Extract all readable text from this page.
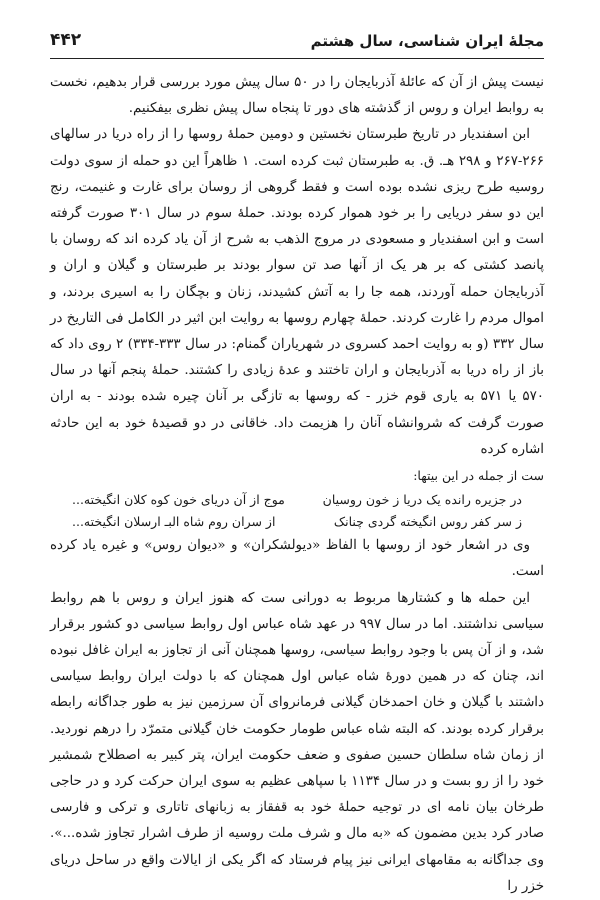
مجلۀ ایران شناسی، سال هشتم
۴۴۲

نیست پیش از آن که عائلۀ آذربایجان را در ۵۰ سال پیش مورد بررسی قرار بدهیم، نخست به روابط ایران و روس از گذشته های دور تا پنجاه سال پیش نظری بیفکنیم.

ابن اسفندیار در تاریخ طبرستان نخستین و دومین حملۀ روسها را از راه دریا در سالهای ۲۶۶-۲۶۷ و ۲۹۸ هـ. ق. به طبرستان ثبت کرده است. ۱ ظاهراً این دو حمله از سوی دولت روسیه طرح ریزی نشده بوده است و فقط گروهی از روسان برای غارت و غنیمت، رنج این دو سفر دریایی را بر خود هموار کرده بودند. حملۀ سوم در سال ۳۰۱ صورت گرفته است و ابن اسفندیار و مسعودی در مروج الذهب به شرح از آن یاد کرده اند که روسان با پانصد کشتی که بر هر یک از آنها صد تن سوار بودند بر طبرستان و گیلان و اران و آذربایجان حمله آوردند، همه جا را به آتش کشیدند، زنان و بچگان را به اسیری بردند، و اموال مردم را غارت کردند. حملۀ چهارم روسها به روایت ابن اثیر در الکامل فی التاریخ در سال ۳۳۲ (و به روایت احمد کسروی در شهریاران گمنام: در سال ۳۳۳-۳۳۴) ۲ روی داد که باز از راه دریا به آذربایجان و اران تاختند و عدۀ زیادی را کشتند. حملۀ پنجم آنها در سال ۵۷۰ یا ۵۷۱ به یاری قوم خزر - که روسها به تازگی بر آنان چیره شده بودند - به اران صورت گرفت که شروانشاه آنان را هزیمت داد. خاقانی در دو قصیدۀ خود به این حادثه اشاره کرده

ست از جمله در این بیتها:

در جزیره رانده یک دریا ز خون روسیان
موج از آن دریای خون کوه کلان انگیخته...
ز سر کفر روس انگیخته گردی چنانک
از سران روم شاه البـ ارسلان انگیخته...

وی در اشعار خود از روسها با الفاظ «دیولشکران» و «دیوان روس» و غیره یاد کرده است.

این حمله ها و کشتارها مربوط به دورانی ست که هنوز ایران و روس با هم روابط سیاسی نداشتند. اما در سال ۹۹۷ در عهد شاه عباس اول روابط سیاسی دو کشور برقرار شد، و از آن پس با وجود روابط سیاسی، روسها همچنان آنی از تجاوز به ایران غافل نبوده اند، چنان که در همین دورۀ شاه عباس اول همچنان که با دولت ایران روابط سیاسی داشتند با گیلان و خان احمدخان گیلانی فرمانروای آن سرزمین نیز به طور جداگانه رابطه برقرار کرده بودند. که البته شاه عباس طومار حکومت خان گیلانی متمرّد را درهم نوردید. از زمان شاه سلطان حسین صفوی و ضعف حکومت ایران، پتر کبیر به اصطلاح شمشیر خود را از رو بست و در سال ۱۱۳۴ با سپاهی عظیم به سوی ایران حرکت کرد و در حاجی طرخان بیان نامه ای در توجیه حملۀ خود به قفقاز به زبانهای تاتاری و ترکی و فارسی صادر کرد بدین مضمون که «به مال و شرف ملت روسیه از طرف اشرار تجاوز شده...». وی جداگانه به مقامهای ایرانی نیز پیام فرستاد که اگر یکی از ایالات واقع در ساحل دریای خزر را
